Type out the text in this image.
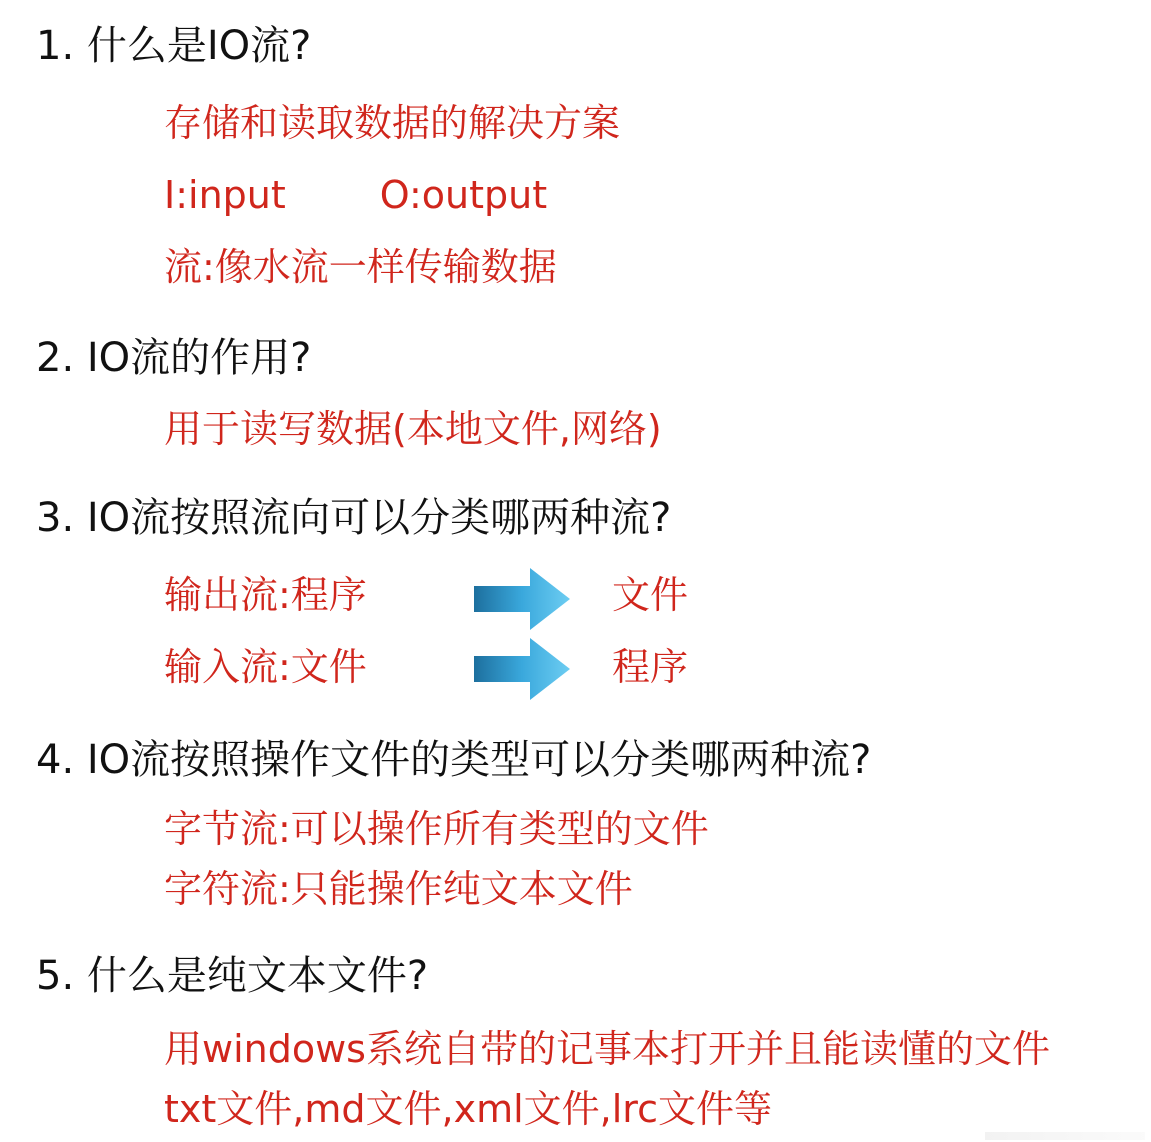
1. 什么是IO流?
存储和读取数据的解决方案
I:input O:output
流:像水流一样传输数据
2. IO流的作用?
用于读写数据(本地文件,网络)
3. IO流按照流向可以分类哪两种流?
输出流:程序	文件
输入流:文件	程序
4. IO流按照操作文件的类型可以分类哪两种流?
字节流:可以操作所有类型的文件
字符流:只能操作纯文本文件
5. 什么是纯文本文件?
用windows系统自带的记事本打开并且能读懂的文件
txt文件,md文件,xml文件,lrc文件等
